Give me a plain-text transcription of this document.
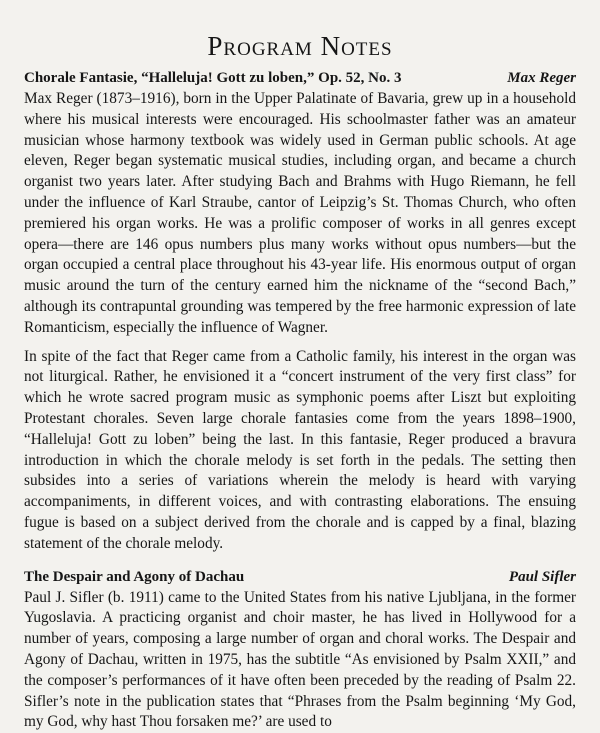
Program Notes
Chorale Fantasie, “Halleluja! Gott zu loben,” Op. 52, No. 3	Max Reger

Max Reger (1873–1916), born in the Upper Palatinate of Bavaria, grew up in a household where his musical interests were encouraged. His schoolmaster father was an amateur musician whose harmony textbook was widely used in German public schools. At age eleven, Reger began systematic musical studies, including organ, and became a church organist two years later. After studying Bach and Brahms with Hugo Riemann, he fell under the influence of Karl Straube, cantor of Leipzig’s St. Thomas Church, who often premiered his organ works. He was a prolific composer of works in all genres except opera—there are 146 opus numbers plus many works without opus numbers—but the organ occupied a central place throughout his 43-year life. His enormous output of organ music around the turn of the century earned him the nickname of the “second Bach,” although its contrapuntal grounding was tempered by the free harmonic expression of late Romanticism, especially the influence of Wagner.

In spite of the fact that Reger came from a Catholic family, his interest in the organ was not liturgical. Rather, he envisioned it a “concert instrument of the very first class” for which he wrote sacred program music as symphonic poems after Liszt but exploiting Protestant chorales. Seven large chorale fantasies come from the years 1898–1900, “Halleluja! Gott zu loben” being the last. In this fantasie, Reger produced a bravura introduction in which the chorale melody is set forth in the pedals. The setting then subsides into a series of variations wherein the melody is heard with varying accompaniments, in different voices, and with contrasting elaborations. The ensuing fugue is based on a subject derived from the chorale and is capped by a final, blazing statement of the chorale melody.

The Despair and Agony of Dachau	Paul Sifler

Paul J. Sifler (b. 1911) came to the United States from his native Ljubljana, in the former Yugoslavia. A practicing organist and choir master, he has lived in Hollywood for a number of years, composing a large number of organ and choral works. The Despair and Agony of Dachau, written in 1975, has the subtitle “As envisioned by Psalm XXII,” and the composer’s performances of it have often been preceded by the reading of Psalm 22. Sifler’s note in the publication states that “Phrases from the Psalm beginning ‘My God, my God, why hast Thou forsaken me?’ are used to
